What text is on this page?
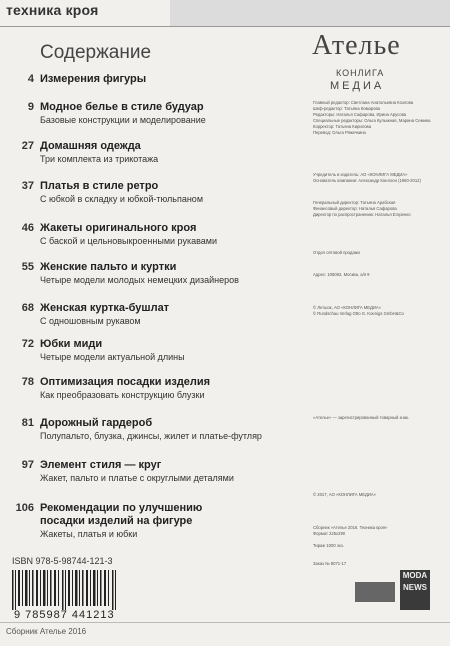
техника кроя
Содержание
4 Измерения фигуры
9 Модное белье в стиле будуар
Базовые конструкции и моделирование
27 Домашняя одежда
Три комплекта из трикотажа
37 Платья в стиле ретро
С юбкой в складку и юбкой-тюльпаном
46 Жакеты оригинального кроя
С баской и цельновыкроенными рукавами
55 Женские пальто и куртки
Четыре модели молодых немецких дизайнеров
68 Женская куртка-бушлат
С одношовным рукавом
72 Юбки миди
Четыре модели актуальной длины
78 Оптимизация посадки изделия
Как преобразовать конструкцию блузки
81 Дорожный гардероб
Полупальто, блузка, джинсы, жилет и платье-футляр
97 Элемент стиля — круг
Жакет, пальто и платье с округлыми деталями
106 Рекомендации по улучшению
посадки изделий на фигуре
Жакеты, платья и юбки
Ателье
КОНЛИГА
МЕДИА
Главный редактор: Светлана Анатольевна Козлова
Шеф-редактор: Татьяна Комарова
Редакторы: Наталья Сафарова, Ирина Арусова
Специальные редакторы: Ольга Кулыжная, Марина Семина
Корректор: Татьяна Кирилова
Перевод: Ольга Ряжечкина
Учредитель и издатель: АО «КОНЛИГА МЕДИА»
Основатель компании: Александр Конлоон (1950-2012)
Генеральный директор: Татьяна Арабская
Финансовый директор: Наталья Сафарова
Директор по распространению: Наталья Егоренко
Отдел оптовой продажи
Адрес: 105082, Москва, а/я 9
© Летшок, АО «КОНЛИГА МЕДИА»
© Rundschau Verlag Otto G. Koenigs GmbH&Co
«Ателье» — зарегистрированный товарный знак.
© 2017, АО «КОНЛИГА МЕДИА»
Сборник «Ателье 2016. Техника кроя»
Формат 225х290
Тираж 1000 экз.
Заказ № 8071-17
ISBN 978-5-98744-121-3
9 785987 441213
MODA
NEWS
Сборник Ателье 2016
